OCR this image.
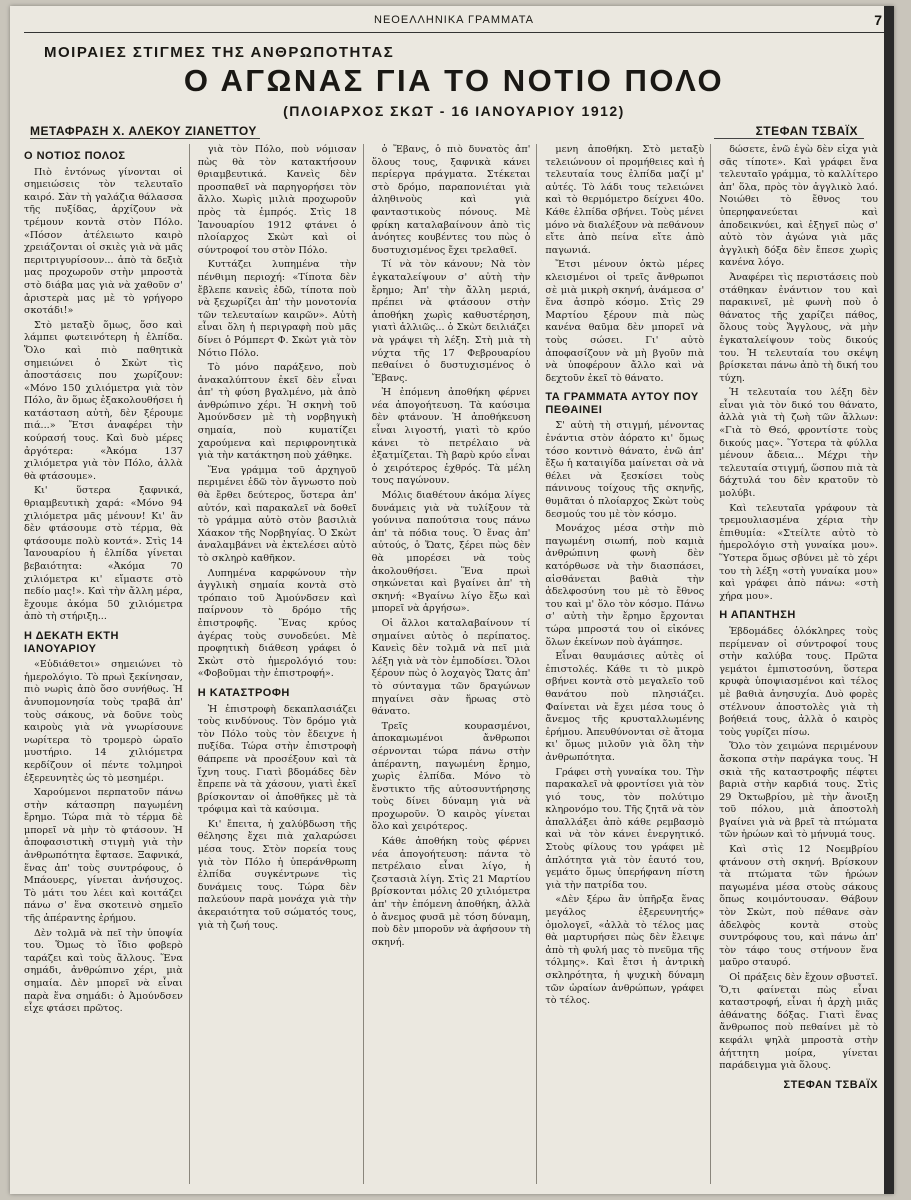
ΝΕΟΕΛΛΗΝΙΚΑ ΓΡΑΜΜΑΤΑ	7
ΜΟΙΡΑΙΕΣ ΣΤΙΓΜΕΣ ΤΗΣ ΑΝΘΡΩΠΟΤΗΤΑΣ
Ο ΑΓΩΝΑΣ ΓΙΑ ΤΟ ΝΟΤΙΟ ΠΟΛΟ
(ΠΛΟΙΑΡΧΟΣ ΣΚΩΤ - 16 ΙΑΝΟΥΑΡΙΟΥ 1912)
ΜΕΤΑΦΡΑΣΗ Χ. ΑΛΕΚΟΥ ΖΙΑΝΕΤΤΟΥ	ΣΤΕΦΑΝ ΤΣΒΑΪΧ
Ο ΝΟΤΙΟΣ ΠΟΛΟΣ

Πιὸ ἐντόνως γίνονται οἱ σημειώσεις τὸν τελευταῖο καιρό. Σὰν τὴ γαλάζια θάλασσα τῆς πυξίδας, ἀρχίζουν νὰ τρέμουν κοντὰ στὸν Πόλο. «Πόσον ἀτέλειωτο καιρὸ χρειάζονται οἱ σκιὲς γιὰ νὰ μᾶς περιτριγυρίσουν... ἀπὸ τὰ δεξιὰ μας προχωροῦν στὴν μπροστὰ στὸ διάβα μας γιὰ νὰ χαθοῦν σ' ἀριστερὰ μας μὲ τὸ γρήγορο σκοτάδι!»

Στὸ μεταξὺ ὅμως, ὅσο καὶ λάμπει φωτεινότερη ἡ ἐλπίδα. Ὅλο καὶ πιὸ παθητικὰ σημειώνει ὁ Σκὼτ τὶς ἀποστάσεις που χωρίζουν: «Μόνο 150 χιλιόμετρα γιὰ τὸν Πόλο, ἂν ὅμως ἐξακολουθήσει ἡ κατάσταση αὐτὴ, δὲν ξέρουμε πιά...» Ἔτσι ἀναφέρει τὴν κούρασή τους. Καὶ δυὸ μέρες ἀργότερα: «Ἀκόμα 137 χιλιόμετρα γιὰ τὸν Πόλο, ἀλλὰ θὰ φτάσουμε».

Κι' ὕστερα ξαφνικά, θριαμβευτικὴ χαρά: «Μόνο 94 χιλιόμετρα μᾶς μένουν! Κι' ἂν δὲν φτάσουμε στὸ τέρμα, θὰ φτάσουμε πολὺ κοντά». Στὶς 14 Ἰανουαρίου ἡ ἐλπίδα γίνεται βεβαιότητα: «Ἀκόμα 70 χιλιόμετρα κι' εἴμαστε στὸ πεδίο μας!». Καὶ τὴν ἄλλη μέρα, ἔχουμε ἀκόμα 50 χιλιόμετρα ἀπὸ τὴ στήριξη...

Η ΔΕΚΑΤΗ ΕΚΤΗ ΙΑΝΟΥΑΡΙΟΥ

«Εὐδιάθετοι» σημειώνει τὸ ἡμερολόγιο. Τὸ πρωὶ ξεκίνησαν, πιὸ νωρὶς ἀπὸ ὅσο συνήθως. Ἡ ἀνυπομονησία τοὺς τραβᾶ ἀπ' τοὺς σάκους, νὰ δοῦνε τοὺς καιροὺς γιὰ νὰ γνωρίσουνε νωρίτερα τὸ τρομερὸ ὡραῖο μυστήριο. 14 χιλιόμετρα κερδίζουν οἱ πέντε τολμηροὶ ἐξερευνητὲς ὡς τὸ μεσημέρι.

Χαρούμενοι περπατοῦν πάνω στὴν κάτασπρη παγωμένη ἔρημο. Τώρα πιὰ τὸ τέρμα δὲ μπορεῖ νὰ μὴν τὸ φτάσουν. Ἡ ἀποφασιστικὴ στιγμὴ γιὰ τὴν ἀνθρωπότητα ἔφτασε. Ξαφνικά, ἕνας ἀπ' τοὺς συντρόφους, ὁ Μπάουερς, γίνεται ἀνήσυχος. Τὸ μάτι του λέει καὶ κοιτάζει πάνω σ' ἕνα σκοτεινὸ σημεῖο τῆς ἀπέραντης ἐρήμου.

Δὲν τολμᾶ νὰ πεῖ τὴν ὑποψία του. Ὅμως τὸ ἴδιο φοβερὸ ταράζει καὶ τοὺς ἄλλους. Ἕνα σημάδι, ἀνθρώπινο χέρι, μιὰ σημαία. Δὲν μπορεῖ νὰ εἶναι παρὰ ἕνα σημάδι: ὁ Ἀμούνδσεν εἶχε φτάσει πρῶτος.

γιὰ τὸν Πόλο, ποὺ νόμισαν πὼς θὰ τὸν κατακτήσουν θριαμβευτικά. Κανεὶς δὲν προσπαθεῖ νὰ παρηγορήσει τὸν ἄλλο. Χωρὶς μιλιὰ προχωροῦν πρὸς τὰ ἐμπρός. Στὶς 18 Ἰανουαρίου 1912 φτάνει ὁ πλοίαρχος Σκὼτ καὶ οἱ σύντροφοί του στὸν Πόλο.

Κυττάζει λυπημένα τὴν πένθιμη περιοχή: «Τίποτα δὲν ἔβλεπε κανεὶς ἐδῶ, τίποτα ποὺ νὰ ξεχωρίζει ἀπ' τὴν μονοτονία τῶν τελευταίων καιρῶν». Αὐτὴ εἶναι ὅλη ἡ περιγραφὴ ποὺ μᾶς δίνει ὁ Ρόμπερτ Φ. Σκὼτ γιὰ τὸν Νότιο Πόλο.

Τὸ μόνο παράξενο, ποὺ ἀνακαλύπτουν ἐκεῖ δὲν εἶναι ἀπ' τὴ φύση βγαλμένο, μὰ ἀπὸ ἀνθρώπινο χέρι. Ἡ σκηνὴ τοῦ Ἀμούνδσεν μὲ τὴ νορβηγικὴ σημαία, ποὺ κυματίζει χαρούμενα καὶ περιφρονητικὰ γιὰ τὴν κατάκτηση ποὺ χάθηκε.

Ἕνα γράμμα τοῦ ἀρχηγοῦ περιμένει ἐδῶ τὸν ἄγνωστο ποὺ θὰ ἔρθει δεύτερος, ὕστερα ἀπ' αὐτόν, καὶ παρακαλεῖ νὰ δοθεῖ τὸ γράμμα αὐτὸ στὸν βασιλιὰ Χάακον τῆς Νορβηγίας. Ὁ Σκὼτ ἀναλαμβάνει νὰ ἐκτελέσει αὐτὸ τὸ σκληρὸ καθῆκον.

Λυπημένα καρφώνουν τὴν ἀγγλικὴ σημαία κοντὰ στὸ τρόπαιο τοῦ Ἀμούνδσεν καὶ παίρνουν τὸ δρόμο τῆς ἐπιστροφῆς. Ἕνας κρύος ἀγέρας τοὺς συνοδεύει. Μὲ προφητικὴ διάθεση γράφει ὁ Σκὼτ στὸ ἡμερολόγιό του: «Φοβοῦμαι τὴν ἐπιστροφή».

Η ΚΑΤΑΣΤΡΟΦΗ

Ἡ ἐπιστροφὴ δεκαπλασιάζει τοὺς κινδύνους. Τὸν δρόμο γιὰ τὸν Πόλο τοὺς τὸν ἔδειχνε ἡ πυξίδα. Τώρα στὴν ἐπιστροφὴ θάπρεπε νὰ προσέξουν καὶ τὰ ἴχνη τους. Γιατὶ βδομάδες δὲν ἔπρεπε νὰ τὰ χάσουν, γιατὶ ἐκεῖ βρίσκονταν οἱ ἀποθῆκες μὲ τὰ τρόφιμα καὶ τὰ καύσιμα.

Κι' ἔπειτα, ἡ χαλύβδωση τῆς θέλησης ἔχει πιὰ χαλαρώσει μέσα τους. Στὸν πορεία τους γιὰ τὸν Πόλο ἡ ὑπεράνθρωπη ἐλπίδα συγκέντρωνε τὶς δυνάμεις τους. Τώρα δὲν παλεύουν παρὰ μονάχα γιὰ τὴν ἀκεραιότητα τοῦ σώματός τους, γιὰ τὴ ζωή τους.

ὁ Ἔβανς, ὁ πιὸ δυνατὸς ἀπ' ὅλους τους, ξαφνικὰ κάνει περίεργα πράγματα. Στέκεται στὸ δρόμο, παραπονιέται γιὰ ἀληθινοὺς καὶ γιὰ φανταστικοὺς πόνους. Μὲ φρίκη καταλαβαίνουν ἀπὸ τὶς ἀνόητες κουβέντες του πὼς ὁ δυστυχισμένος ἔχει τρελαθεῖ.

Τί νὰ τὸν κάνουν; Νὰ τὸν ἐγκαταλείψουν σ' αὐτὴ τὴν ἔρημο; Ἀπ' τὴν ἄλλη μεριά, πρέπει νὰ φτάσουν στὴν ἀποθήκη χωρὶς καθυστέρηση, γιατὶ ἀλλιῶς... ὁ Σκὼτ δειλιάζει νὰ γράψει τὴ λέξη. Στὴ μιὰ τὴ νύχτα τῆς 17 Φεβρουαρίου πεθαίνει ὁ δυστυχισμένος ὁ Ἔβανς.

Ἡ ἐπόμενη ἀποθήκη φέρνει νέα ἀπογοήτευση. Τὰ καύσιμα δὲν φτάνουν. Ἡ ἀποθήκευση εἶναι λιγοστή, γιατὶ τὸ κρύο κάνει τὸ πετρέλαιο νὰ ἐξατμίζεται. Τὴ βαρὺ κρύο εἶναι ὁ χειρότερος ἐχθρός. Τὰ μέλη τους παγώνουν.

Μόλις διαθέτουν ἀκόμα λίγες δυνάμεις γιὰ νὰ τυλίξουν τὰ γούνινα παπούτσια τους πάνω ἀπ' τὰ πόδια τους. Ὁ ἕνας ἀπ' αὐτούς, ὁ Ὤατς, ξέρει πὼς δὲν θὰ μπορέσει νὰ τοὺς ἀκολουθήσει. Ἕνα πρωὶ σηκώνεται καὶ βγαίνει ἀπ' τὴ σκηνή: «Βγαίνω λίγο ἔξω καὶ μπορεῖ νὰ ἀργήσω».

Οἱ ἄλλοι καταλαβαίνουν τί σημαίνει αὐτὸς ὁ περίπατος. Κανεὶς δὲν τολμᾶ νὰ πεῖ μιὰ λέξη γιὰ νὰ τὸν ἐμποδίσει. Ὅλοι ξέρουν πὼς ὁ λοχαγὸς Ὤατς ἀπ' τὸ σύνταγμα τῶν δραγώνων πηγαίνει σὰν ἥρωας στὸ θάνατο.

Τρεῖς κουρασμένοι, ἀποκαμωμένοι ἄνθρωποι σέρνονται τώρα πάνω στὴν ἀπέραντη, παγωμένη ἔρημο, χωρὶς ἐλπίδα. Μόνο τὸ ἔνστικτο τῆς αὐτοσυντήρησης τοὺς δίνει δύναμη γιὰ νὰ προχωροῦν. Ὁ καιρὸς γίνεται ὅλο καὶ χειρότερος.

Κάθε ἀποθήκη τοὺς φέρνει νέα ἀπογοήτευση: πάντα τὸ πετρέλαιο εἶναι λίγο, ἡ ζεστασιὰ λίγη. Στὶς 21 Μαρτίου βρίσκονται μόλις 20 χιλιόμετρα ἀπ' τὴν ἐπόμενη ἀποθήκη, ἀλλὰ ὁ ἄνεμος φυσᾶ μὲ τόση δύναμη, ποὺ δὲν μποροῦν νὰ ἀφήσουν τὴ σκηνή.

μενη ἀποθήκη. Στὸ μεταξὺ τελειώνουν οἱ προμήθειες καὶ ἡ τελευταία τους ἐλπίδα μαζί μ' αὐτές. Τὸ λάδι τους τελειώνει καὶ τὸ θερμόμετρο δείχνει 40ο. Κάθε ἐλπίδα σβήνει. Τοὺς μένει μόνο νὰ διαλέξουν νὰ πεθάνουν εἴτε ἀπὸ πείνα εἴτε ἀπὸ παγωνιά.

Ἔτσι μένουν ὀκτὼ μέρες κλεισμένοι οἱ τρεῖς ἄνθρωποι σὲ μιὰ μικρὴ σκηνή, ἀνάμεσα σ' ἕνα ἀσπρὸ κόσμο. Στὶς 29 Μαρτίου ξέρουν πιὰ πὼς κανένα θαῦμα δὲν μπορεῖ νὰ τοὺς σώσει. Γι' αὐτὸ ἀποφασίζουν νὰ μὴ βγοῦν πιὰ νὰ ὑποφέρουν ἄλλο καὶ νὰ δεχτοῦν ἐκεῖ τὸ θάνατο.

ΤΑ ΓΡΑΜΜΑΤΑ ΑΥΤΟΥ ΠΟΥ ΠΕΘΑΙΝΕΙ

Σ' αὐτὴ τὴ στιγμή, μένοντας ἐνάντια στὸν ἀόρατο κι' ὅμως τόσο κοντινὸ θάνατο, ἐνῶ ἀπ' ἔξω ἡ καταιγίδα μαίνεται σὰ νὰ θέλει νὰ ξεσκίσει τοὺς πάνινους τοίχους τῆς σκηνῆς, θυμᾶται ὁ πλοίαρχος Σκὼτ τοὺς δεσμούς του μὲ τὸν κόσμο.

Μονάχος μέσα στὴν πιὸ παγωμένη σιωπή, ποὺ καμιὰ ἀνθρώπινη φωνὴ δὲν κατόρθωσε νὰ τὴν διασπάσει, αἰσθάνεται βαθιὰ τὴν ἀδελφοσύνη του μὲ τὸ ἔθνος του καὶ μ' ὅλο τὸν κόσμο. Πάνω σ' αὐτὴ τὴν ἔρημο ἔρχονται τώρα μπροστά του οἱ εἰκόνες ὅλων ἐκείνων ποὺ ἀγάπησε.

Εἶναι θαυμάσιες αὐτὲς οἱ ἐπιστολές. Κάθε τι τὸ μικρὸ σβήνει κοντὰ στὸ μεγαλεῖο τοῦ θανάτου ποὺ πλησιάζει. Φαίνεται νὰ ἔχει μέσα τους ὁ ἄνεμος τῆς κρυσταλλωμένης ἐρήμου. Ἀπευθύνονται σὲ ἄτομα κι' ὅμως μιλοῦν γιὰ ὅλη τὴν ἀνθρωπότητα.

Γράφει στὴ γυναίκα του. Τὴν παρακαλεῖ νὰ φροντίσει γιὰ τὸν γιό τους, τὸν πολύτιμο κληρονόμο του. Τῆς ζητᾶ νὰ τὸν ἀπαλλάξει ἀπὸ κάθε ρεμβασμὸ καὶ νὰ τὸν κάνει ἐνεργητικό. Στοὺς φίλους του γράφει μὲ ἁπλότητα γιὰ τὸν ἑαυτό του, γεμάτο ὅμως ὑπερήφανη πίστη γιὰ τὴν πατρίδα του.

«Δὲν ξέρω ἂν ὑπῆρξα ἕνας μεγάλος ἐξερευνητής» ὁμολογεῖ, «ἀλλὰ τὸ τέλος μας θὰ μαρτυρήσει πὼς δὲν ἔλειψε ἀπὸ τὴ φυλή μας τὸ πνεῦμα τῆς τόλμης». Καὶ ἔτσι ἡ ἀντρικὴ σκληρότητα, ἡ ψυχικὴ δύναμη τῶν ὡραίων ἀνθρώπων, γράφει τὸ τέλος.

δώσετε, ἐνῶ ἐγὼ δὲν εἶχα γιὰ σᾶς τίποτε». Καὶ γράφει ἕνα τελευταῖο γράμμα, τὸ καλλίτερο ἀπ' ὅλα, πρὸς τὸν ἀγγλικὸ λαό. Νοιώθει τὸ ἔθνος του ὑπερηφανεύεται καὶ ἀποδεικνύει, καὶ ἐξηγεῖ πὼς σ' αὐτὸ τὸν ἀγώνα γιὰ μᾶς ἀγγλικὴ δόξα δὲν ἔπεσε χωρὶς κανένα λόγο.

Ἀναφέρει τὶς περιστάσεις ποὺ στάθηκαν ἐνάντιον του καὶ παρακινεῖ, μὲ φωνὴ ποὺ ὁ θάνατος τῆς χαρίζει πάθος, ὅλους τοὺς Ἄγγλους, νὰ μὴν ἐγκαταλείψουν τοὺς δικούς του. Ἡ τελευταία του σκέψη βρίσκεται πάνω ἀπὸ τὴ δική του τύχη.

Ἡ τελευταία του λέξη δὲν εἶναι γιὰ τὸν δικό του θάνατο, ἀλλὰ γιὰ τὴ ζωὴ τῶν ἄλλων: «Γιὰ τὸ Θεό, φροντίστε τοὺς δικούς μας». Ὕστερα τὰ φύλλα μένουν ἄδεια... Μέχρι τὴν τελευταία στιγμή, ὥσπου πιὰ τὰ δάχτυλά του δὲν κρατοῦν τὸ μολύβι.

Καὶ τελευταῖα γράφουν τὰ τρεμουλιασμένα χέρια τὴν ἐπιθυμία: «Στείλτε αὐτὸ τὸ ἡμερολόγιο στὴ γυναίκα μου». Ὕστερα ὅμως σβύνει μὲ τὸ χέρι του τὴ λέξη «στὴ γυναίκα μου» καὶ γράφει ἀπὸ πάνω: «στὴ χήρα μου».

Η ΑΠΑΝΤΗΣΗ

Ἑβδομάδες ὁλόκληρες τοὺς περίμεναν οἱ σύντροφοί τους στὴν καλύβα τους. Πρῶτα γεμάτοι ἐμπιστοσύνη, ὕστερα κρυφὰ ὑποψιασμένοι καὶ τέλος μὲ βαθιὰ ἀνησυχία. Δυὸ φορὲς στέλνουν ἀποστολὲς γιὰ τὴ βοήθειά τους, ἀλλὰ ὁ καιρὸς τοὺς γυρίζει πίσω.

Ὅλο τὸν χειμώνα περιμένουν ἄσκοπα στὴν παράγκα τους. Ἡ σκιὰ τῆς καταστροφῆς πέφτει βαριὰ στὴν καρδιά τους. Στὶς 29 Ὀκτωβρίου, μὲ τὴν ἄνοιξη τοῦ πόλου, μιὰ ἀποστολὴ βγαίνει γιὰ νὰ βρεῖ τὰ πτώματα τῶν ἡρώων καὶ τὸ μήνυμά τους.

Καὶ στὶς 12 Νοεμβρίου φτάνουν στὴ σκηνή. Βρίσκουν τὰ πτώματα τῶν ἡρώων παγωμένα μέσα στοὺς σάκους ὅπως κοιμόντουσαν. Θάβουν τὸν Σκὼτ, ποὺ πέθανε σὰν ἀδελφὸς κοντὰ στοὺς συντρόφους του, καὶ πάνω ἀπ' τὸν τάφο τους στήνουν ἕνα μαῦρο σταυρό.

Οἱ πράξεις δὲν ἔχουν σβυστεῖ. Ὅ,τι φαίνεται πὼς εἶναι καταστροφή, εἶναι ἡ ἀρχὴ μιᾶς ἀθάνατης δόξας. Γιατὶ ἕνας ἄνθρωπος ποὺ πεθαίνει μὲ τὸ κεφάλι ψηλὰ μπροστὰ στὴν ἀήττητη μοίρα, γίνεται παράδειγμα γιὰ ὅλους.

ΣΤΕΦΑΝ ΤΣΒΑΪΧ
